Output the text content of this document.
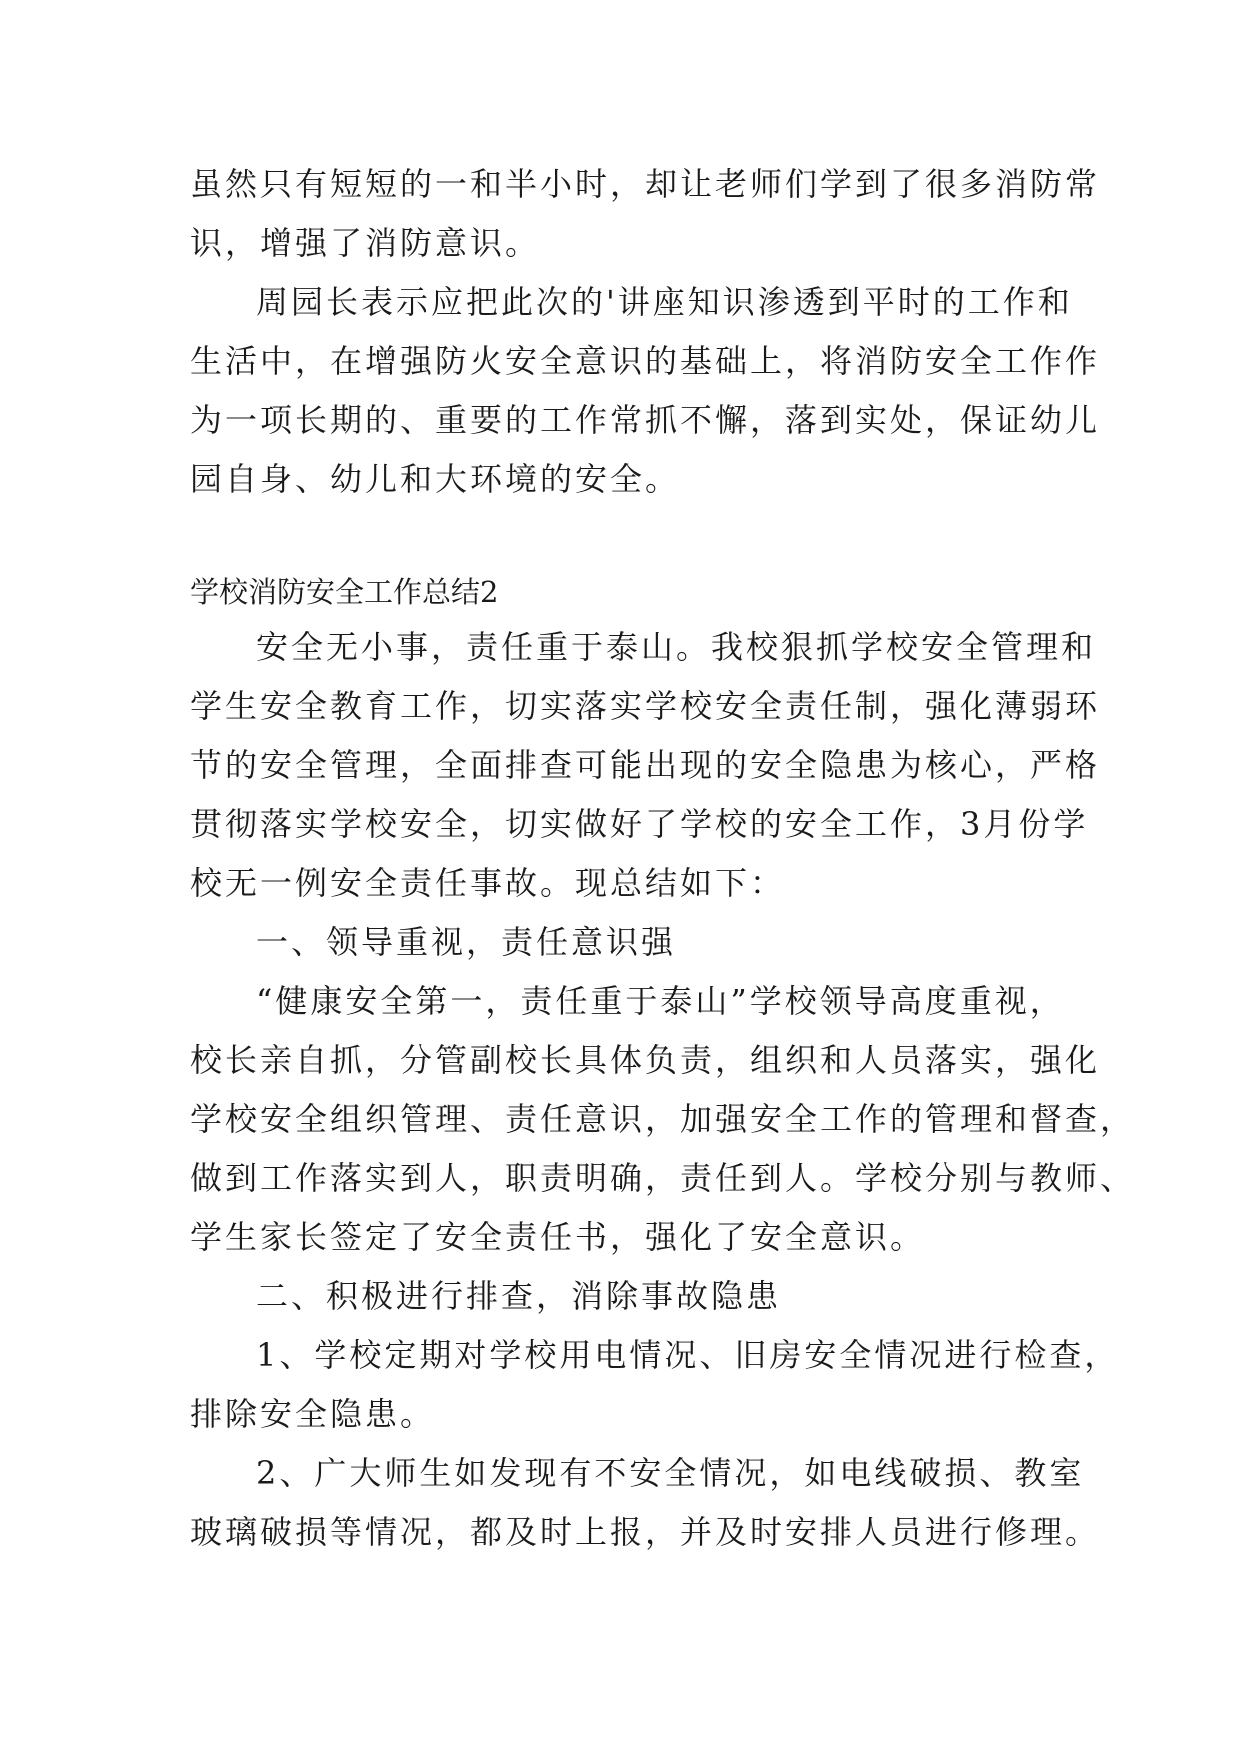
虽然只有短短的一和半小时，却让老师们学到了很多消防常
识，增强了消防意识。
周园长表示应把此次的'讲座知识渗透到平时的工作和
生活中，在增强防火安全意识的基础上，将消防安全工作作
为一项长期的、重要的工作常抓不懈，落到实处，保证幼儿
园自身、幼儿和大环境的安全。
学校消防安全工作总结2
安全无小事，责任重于泰山。我校狠抓学校安全管理和
学生安全教育工作，切实落实学校安全责任制，强化薄弱环
节的安全管理，全面排查可能出现的安全隐患为核心，严格
贯彻落实学校安全，切实做好了学校的安全工作，3月份学
校无一例安全责任事故。现总结如下：
一、领导重视，责任意识强
“健康安全第一，责任重于泰山”学校领导高度重视，
校长亲自抓，分管副校长具体负责，组织和人员落实，强化
学校安全组织管理、责任意识，加强安全工作的管理和督查，
做到工作落实到人，职责明确，责任到人。学校分别与教师、
学生家长签定了安全责任书，强化了安全意识。
二、积极进行排查，消除事故隐患
1、学校定期对学校用电情况、旧房安全情况进行检查，
排除安全隐患。
2、广大师生如发现有不安全情况，如电线破损、教室
玻璃破损等情况，都及时上报，并及时安排人员进行修理。
